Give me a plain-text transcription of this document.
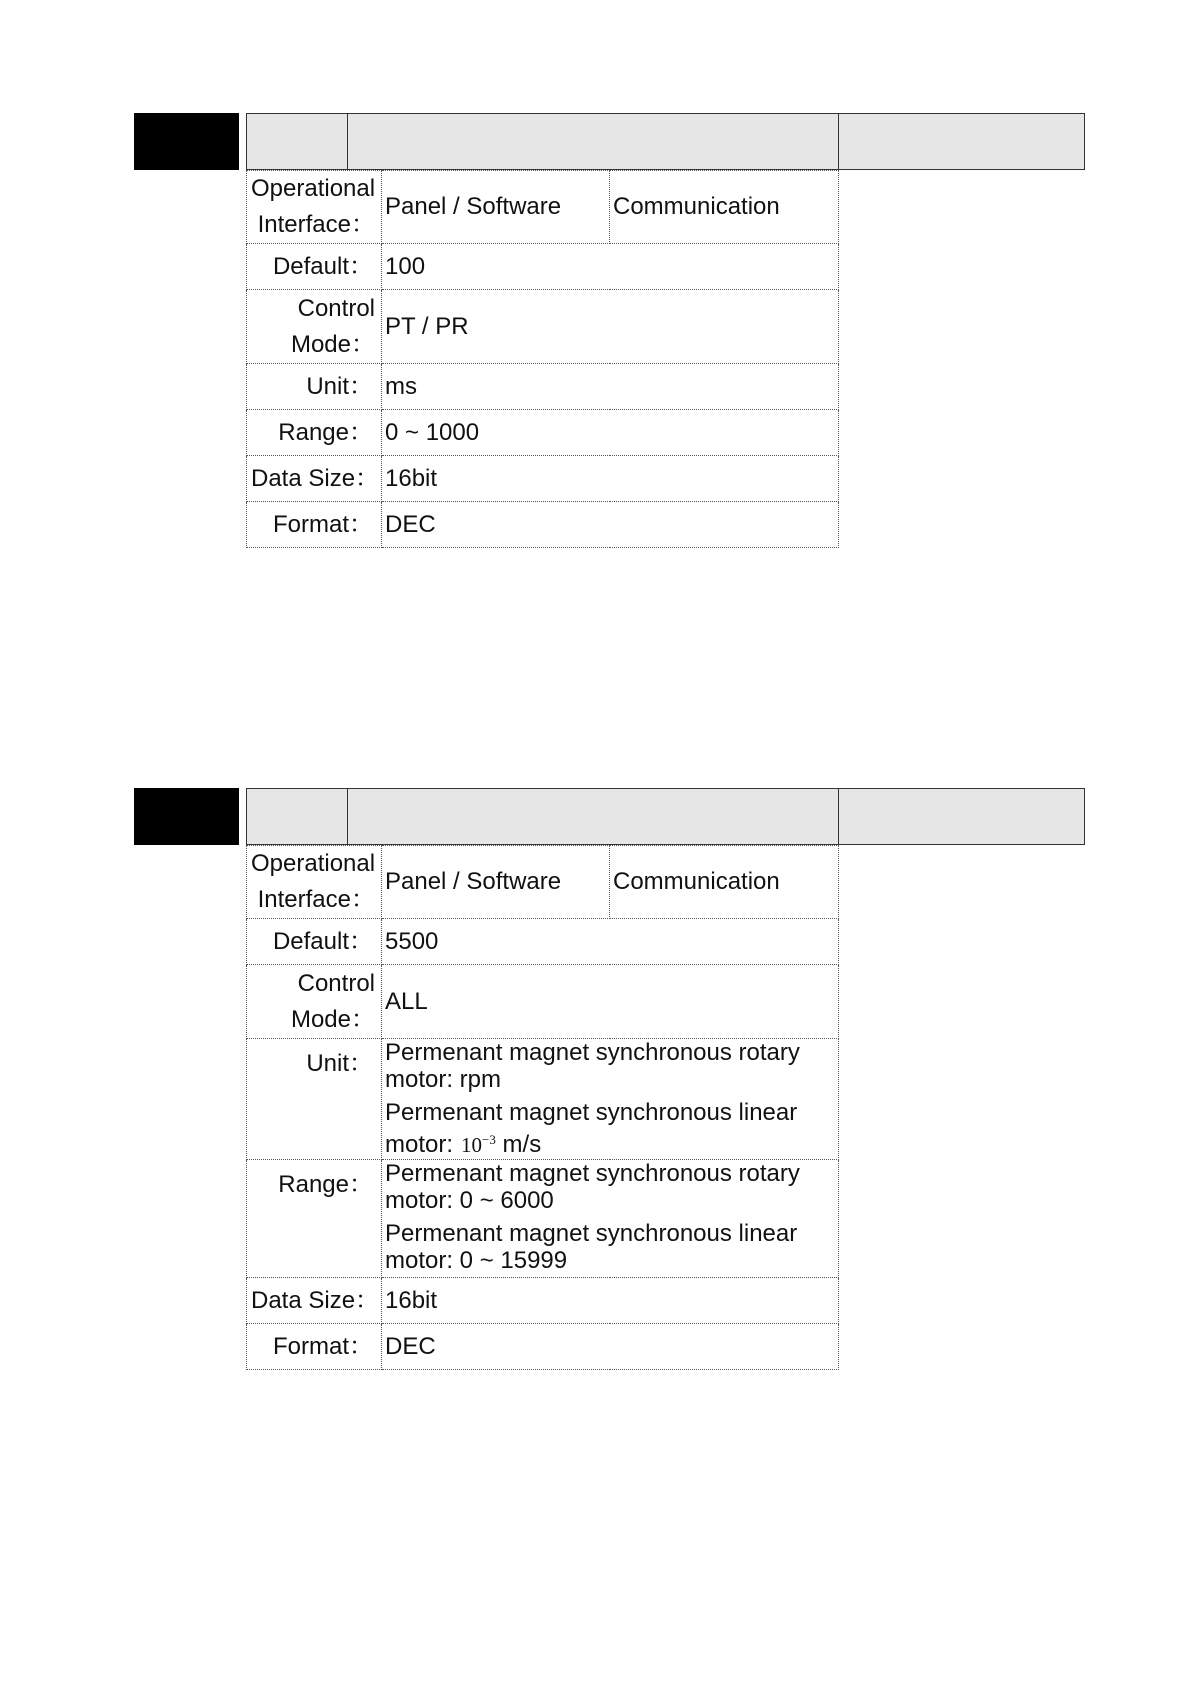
Operational
Interface：	Panel / Software	Communication
Default：	100	

Control
Mode：	PT / PR	
Unit：	ms	
Range：	0 ~ 1000	
Data Size：	16bit	
Format：	DEC	
Operational
Interface：	Panel / Software	Communication
Default：	5500	

Control
Mode：	ALL	
Unit：	Permenant magnet synchronous rotary
motor: rpm
Permenant magnet synchronous linear
motor: $10^{-3}$ m/s	

Range：	Permenant magnet synchronous rotary
motor: 0 ~ 6000
Permenant magnet synchronous linear
motor: 0 ~ 15999	

Data Size：	16bit	
Format：	DEC	
